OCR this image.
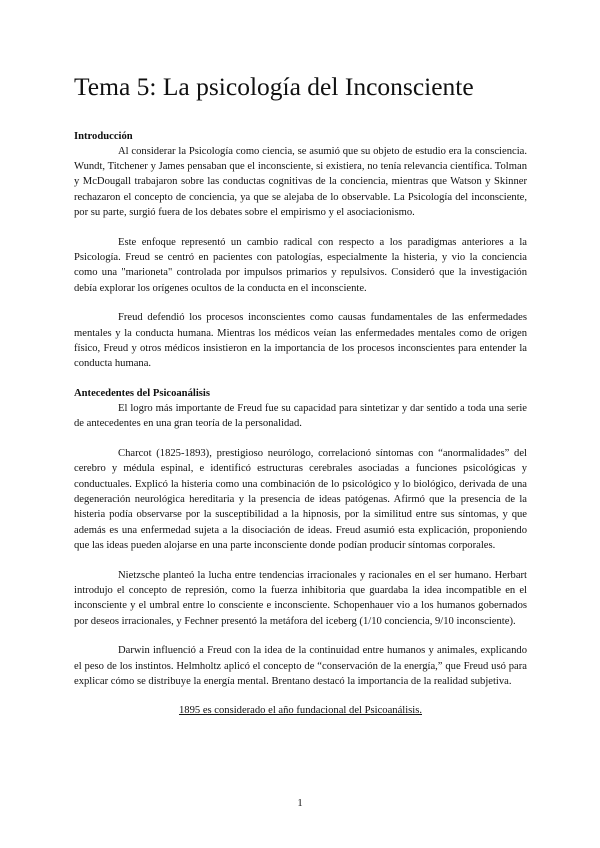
Tema 5: La psicología del Inconsciente

Introducción

Al considerar la Psicología como ciencia, se asumió que su objeto de estudio era la consciencia. Wundt, Titchener y James pensaban que el inconsciente, si existiera, no tenía relevancia científica. Tolman y McDougall trabajaron sobre las conductas cognitivas de la conciencia, mientras que Watson y Skinner rechazaron el concepto de conciencia, ya que se alejaba de lo observable. La Psicología del inconsciente, por su parte, surgió fuera de los debates sobre el empirismo y el asociacionismo.

Este enfoque representó un cambio radical con respecto a los paradigmas anteriores a la Psicología. Freud se centró en pacientes con patologías, especialmente la histeria, y vio la conciencia como una "marioneta" controlada por impulsos primarios y repulsivos. Consideró que la investigación debía explorar los orígenes ocultos de la conducta en el inconsciente.

Freud defendió los procesos inconscientes como causas fundamentales de las enfermedades mentales y la conducta humana. Mientras los médicos veían las enfermedades mentales como de origen físico, Freud y otros médicos insistieron en la importancia de los procesos inconscientes para entender la conducta humana.

Antecedentes del Psicoanálisis

El logro más importante de Freud fue su capacidad para sintetizar y dar sentido a toda una serie de antecedentes en una gran teoría de la personalidad.

Charcot (1825-1893), prestigioso neurólogo, correlacionó síntomas con “anormalidades” del cerebro y médula espinal, e identificó estructuras cerebrales asociadas a funciones psicológicas y conductuales. Explicó la histeria como una combinación de lo psicológico y lo biológico, derivada de una degeneración neurológica hereditaria y la presencia de ideas patógenas. Afirmó que la presencia de la histeria podía observarse por la susceptibilidad a la hipnosis, por la similitud entre sus síntomas, y que además es una enfermedad sujeta a la disociación de ideas. Freud asumió esta explicación, proponiendo que las ideas pueden alojarse en una parte inconsciente donde podían producir síntomas corporales.

Nietzsche planteó la lucha entre tendencias irracionales y racionales en el ser humano. Herbart introdujo el concepto de represión, como la fuerza inhibitoria que guardaba la idea incompatible en el inconsciente y el umbral entre lo consciente e inconsciente. Schopenhauer vio a los humanos gobernados por deseos irracionales, y Fechner presentó la metáfora del iceberg (1/10 conciencia, 9/10 inconsciente).

Darwin influenció a Freud con la idea de la continuidad entre humanos y animales, explicando el peso de los instintos. Helmholtz aplicó el concepto de “conservación de la energía,” que Freud usó para explicar cómo se distribuye la energía mental. Brentano destacó la importancia de la realidad subjetiva.

1895 es considerado el año fundacional del Psicoanálisis.

1
